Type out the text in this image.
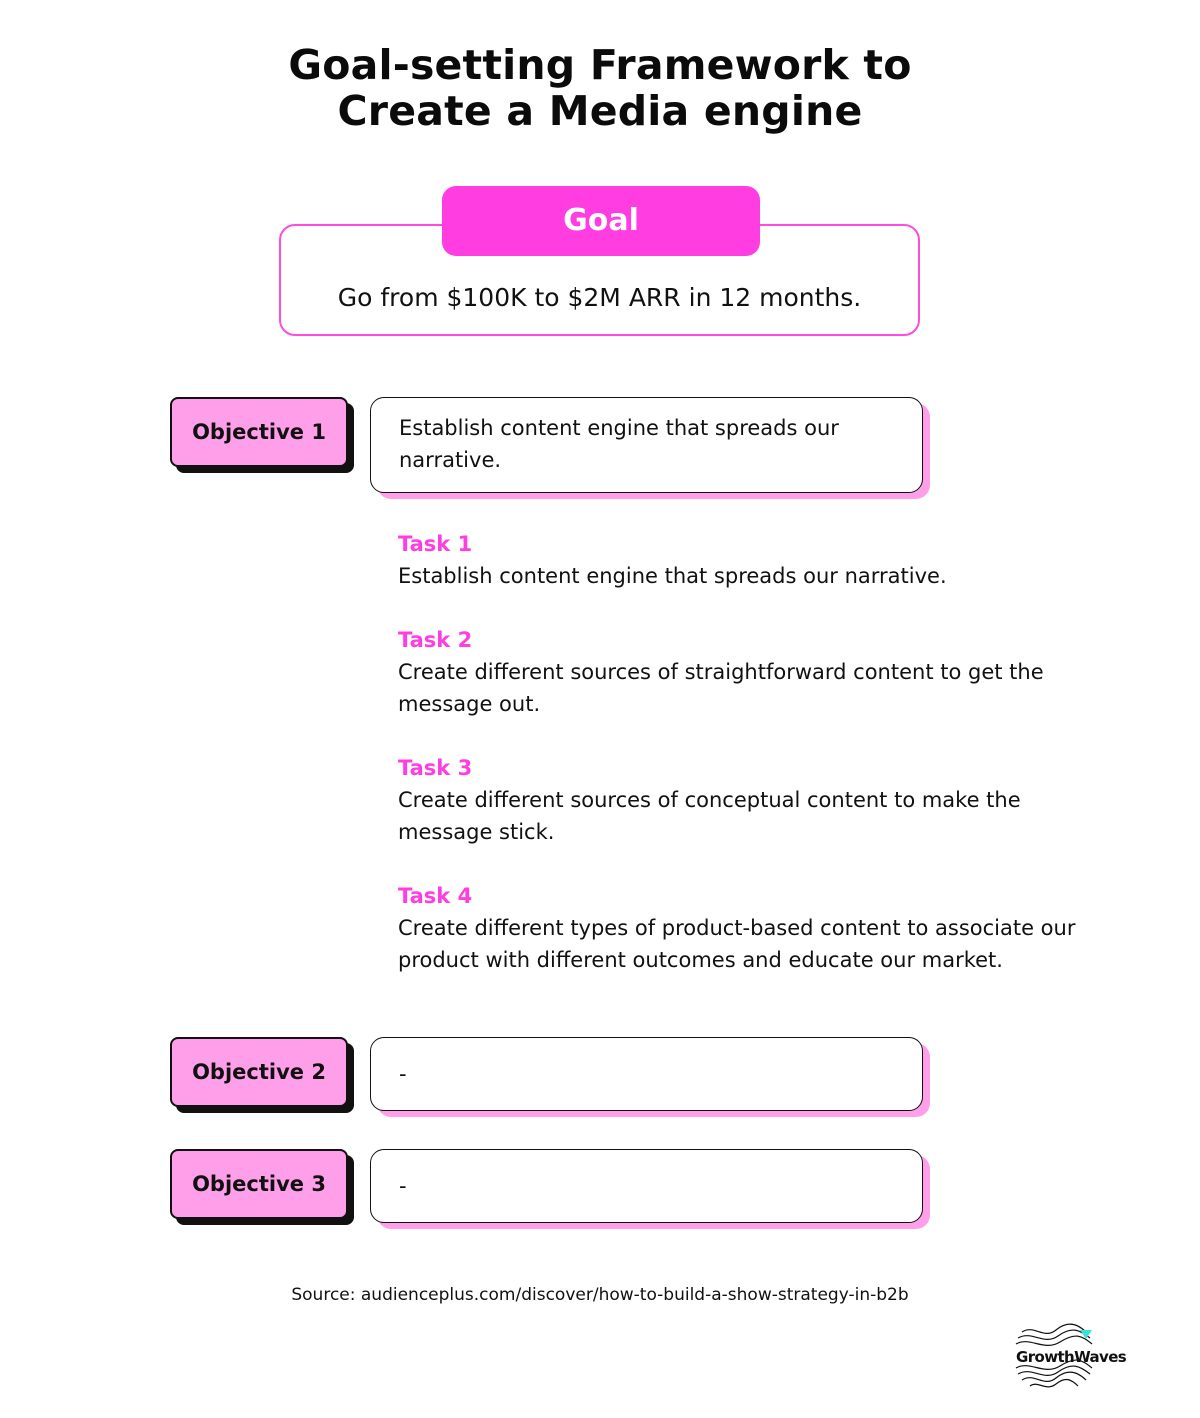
Goal-setting Framework to
Create a Media engine
Goal
Go from $100K to $2M ARR in 12 months.
Objective 1	Establish content engine that spreads our narrative.
Task 1
Establish content engine that spreads our narrative.
Task 2
Create different sources of straightforward content to get the message out.
Task 3
Create different sources of conceptual content to make the message stick.
Task 4
Create different types of product-based content to associate our product with different outcomes and educate our market.
Objective 2	-
Objective 3	-
Source: audienceplus.com/discover/how-to-build-a-show-strategy-in-b2b
GrowthWaves
